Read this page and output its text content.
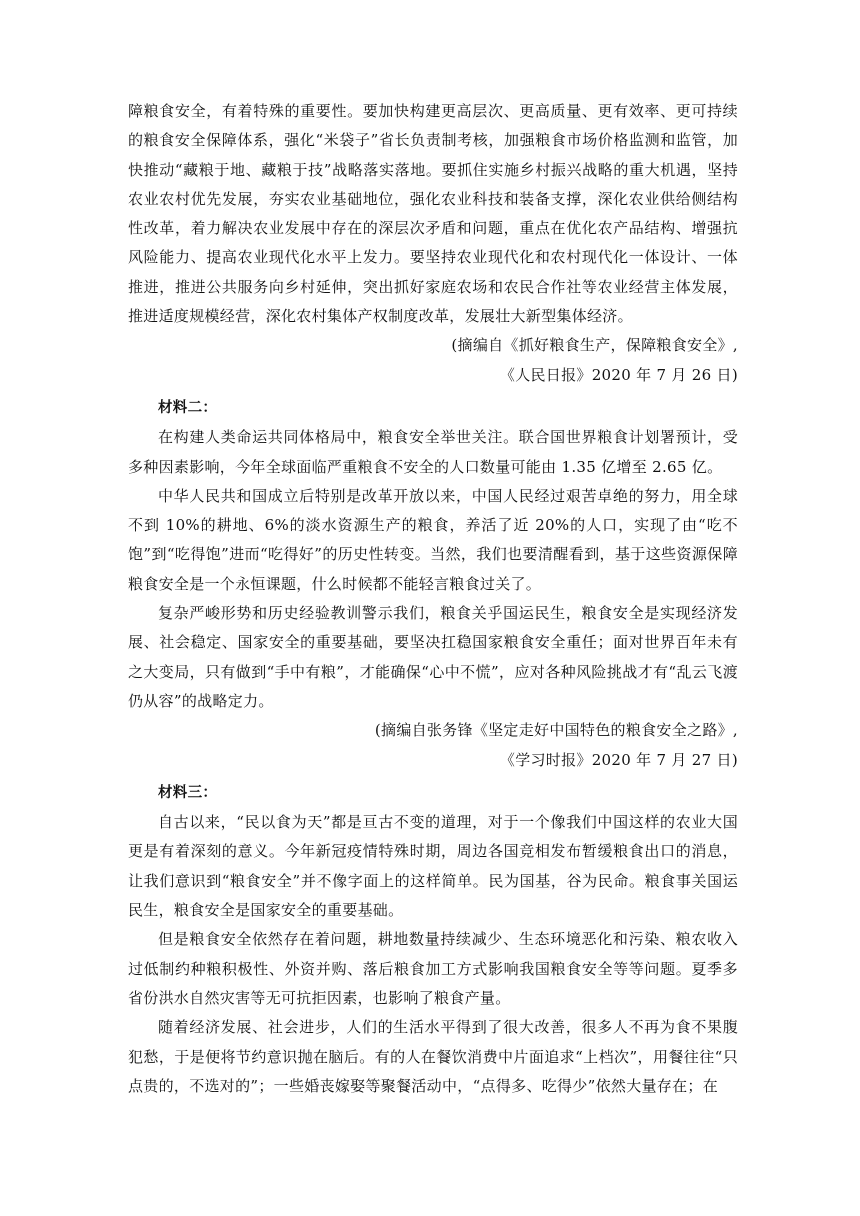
障粮食安全，有着特殊的重要性。要加快构建更高层次、更高质量、更有效率、更可持续的粮食安全保障体系，强化“米袋子”省长负责制考核，加强粮食市场价格监测和监管，加快推动“藏粮于地、藏粮于技”战略落实落地。要抓住实施乡村振兴战略的重大机遇，坚持农业农村优先发展，夯实农业基础地位，强化农业科技和装备支撑，深化农业供给侧结构性改革，着力解决农业发展中存在的深层次矛盾和问题，重点在优化农产品结构、增强抗风险能力、提高农业现代化水平上发力。要坚持农业现代化和农村现代化一体设计、一体推进，推进公共服务向乡村延伸，突出抓好家庭农场和农民合作社等农业经营主体发展，推进适度规模经营，深化农村集体产权制度改革，发展壮大新型集体经济。

(摘编自《抓好粮食生产，保障粮食安全》,

《人民日报》2020 年 7 月 26 日)

材料二：

在构建人类命运共同体格局中，粮食安全举世关注。联合国世界粮食计划署预计，受多种因素影响，今年全球面临严重粮食不安全的人口数量可能由 1.35 亿增至 2.65 亿。

中华人民共和国成立后特别是改革开放以来，中国人民经过艰苦卓绝的努力，用全球不到 10%的耕地、6%的淡水资源生产的粮食，养活了近 20%的人口，实现了由“吃不饱”到“吃得饱”进而“吃得好”的历史性转变。当然，我们也要清醒看到，基于这些资源保障粮食安全是一个永恒课题，什么时候都不能轻言粮食过关了。

复杂严峻形势和历史经验教训警示我们，粮食关乎国运民生，粮食安全是实现经济发展、社会稳定、国家安全的重要基础，要坚决扛稳国家粮食安全重任；面对世界百年未有之大变局，只有做到“手中有粮”，才能确保“心中不慌”，应对各种风险挑战才有“乱云飞渡仍从容”的战略定力。

(摘编自张务锋《坚定走好中国特色的粮食安全之路》,

《学习时报》2020 年 7 月 27 日)

材料三：

自古以来，“民以食为天”都是亘古不变的道理，对于一个像我们中国这样的农业大国更是有着深刻的意义。今年新冠疫情特殊时期，周边各国竞相发布暂缓粮食出口的消息，让我们意识到“粮食安全”并不像字面上的这样简单。民为国基，谷为民命。粮食事关国运民生，粮食安全是国家安全的重要基础。

但是粮食安全依然存在着问题，耕地数量持续减少、生态环境恶化和污染、粮农收入过低制约种粮积极性、外资并购、落后粮食加工方式影响我国粮食安全等等问题。夏季多省份洪水自然灾害等无可抗拒因素，也影响了粮食产量。

随着经济发展、社会进步，人们的生活水平得到了很大改善，很多人不再为食不果腹犯愁，于是便将节约意识抛在脑后。有的人在餐饮消费中片面追求“上档次”，用餐往往“只点贵的，不选对的”；一些婚丧嫁娶等聚餐活动中，“点得多、吃得少”依然大量存在；在
